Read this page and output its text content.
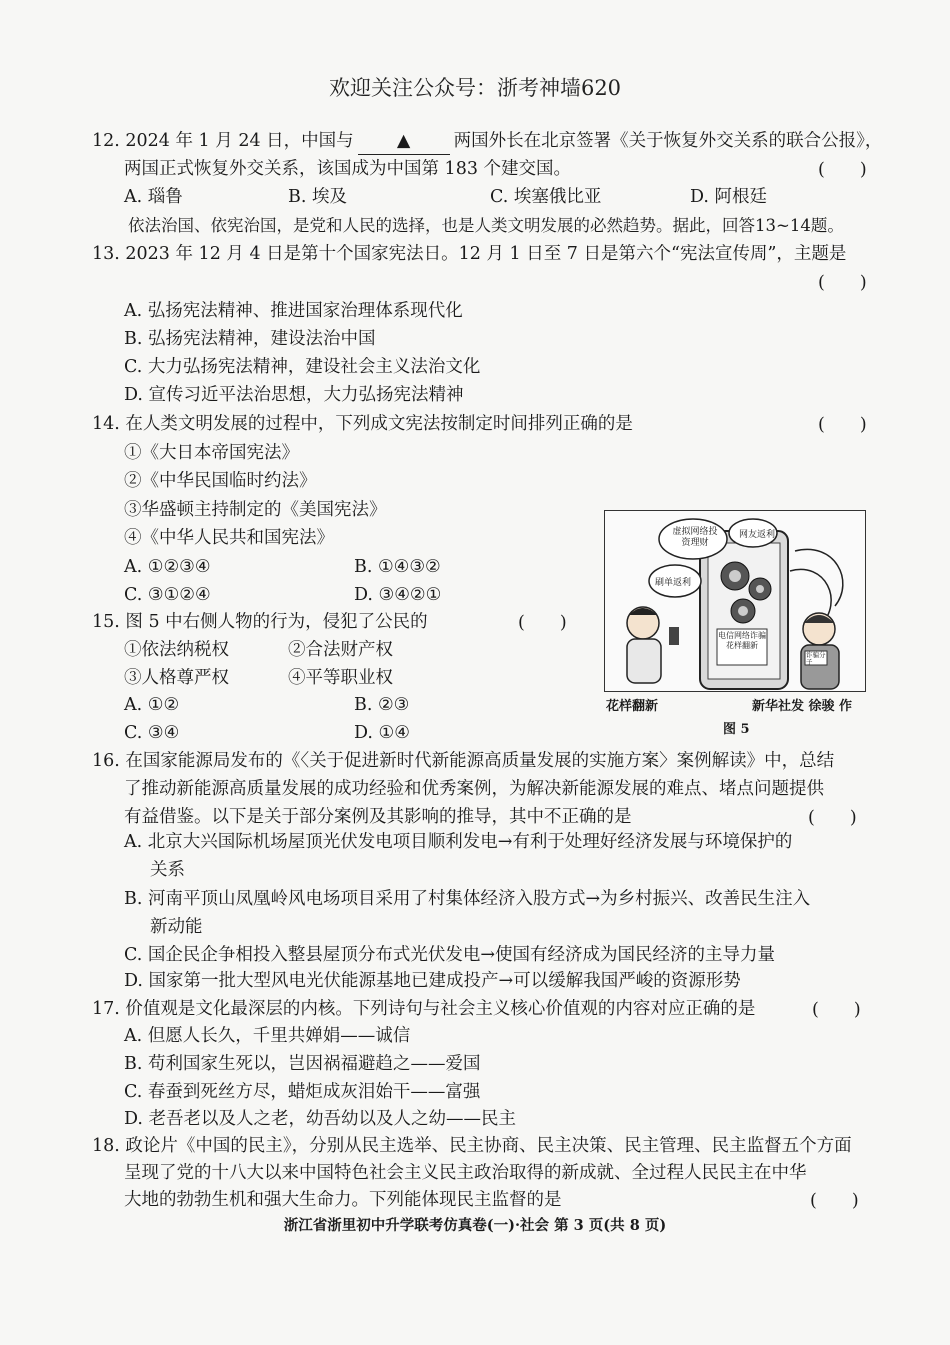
欢迎关注公众号：浙考神墙620
12. 2024 年 1 月 24 日，中国与 ▲ 两国外长在北京签署《关于恢复外交关系的联合公报》，
两国正式恢复外交关系，该国成为中国第 183 个建交国。	(　　)
A. 瑙鲁	B. 埃及	C. 埃塞俄比亚	D. 阿根廷
依法治国、依宪治国，是党和人民的选择，也是人类文明发展的必然趋势。据此，回答13~14题。
13. 2023 年 12 月 4 日是第十个国家宪法日。12 月 1 日至 7 日是第六个“宪法宣传周”，主题是
(　　)
A. 弘扬宪法精神、推进国家治理体系现代化
B. 弘扬宪法精神，建设法治中国
C. 大力弘扬宪法精神，建设社会主义法治文化
D. 宣传习近平法治思想，大力弘扬宪法精神
14. 在人类文明发展的过程中，下列成文宪法按制定时间排列正确的是	(　　)
①《大日本帝国宪法》
②《中华民国临时约法》
③华盛顿主持制定的《美国宪法》
④《中华人民共和国宪法》
A. ①②③④	B. ①④③②
C. ③①②④	D. ③④②①
15. 图 5 中右侧人物的行为，侵犯了公民的	(　　)
①依法纳税权	②合法财产权
③人格尊严权	④平等职业权
A. ①②	B. ②③
C. ③④	D. ①④
虚拟网络投资理财
网友返利
刷单返利
电信网络诈骗花样翻新
诈骗分子
花样翻新	新华社发 徐骏 作
图 5
16. 在国家能源局发布的《〈关于促进新时代新能源高质量发展的实施方案〉案例解读》中，总结
了推动新能源高质量发展的成功经验和优秀案例，为解决新能源发展的难点、堵点问题提供
有益借鉴。以下是关于部分案例及其影响的推导，其中不正确的是	(　　)
A. 北京大兴国际机场屋顶光伏发电项目顺利发电→有利于处理好经济发展与环境保护的
关系
B. 河南平顶山凤凰岭风电场项目采用了村集体经济入股方式→为乡村振兴、改善民生注入
新动能
C. 国企民企争相投入整县屋顶分布式光伏发电→使国有经济成为国民经济的主导力量
D. 国家第一批大型风电光伏能源基地已建成投产→可以缓解我国严峻的资源形势
17. 价值观是文化最深层的内核。下列诗句与社会主义核心价值观的内容对应正确的是	(　　)
A. 但愿人长久，千里共婵娟——诚信
B. 苟利国家生死以，岂因祸福避趋之——爱国
C. 春蚕到死丝方尽，蜡炬成灰泪始干——富强
D. 老吾老以及人之老，幼吾幼以及人之幼——民主
18. 政论片《中国的民主》，分别从民主选举、民主协商、民主决策、民主管理、民主监督五个方面
呈现了党的十八大以来中国特色社会主义民主政治取得的新成就、全过程人民民主在中华
大地的勃勃生机和强大生命力。下列能体现民主监督的是	(　　)
浙江省浙里初中升学联考仿真卷(一)·社会 第 3 页(共 8 页)
